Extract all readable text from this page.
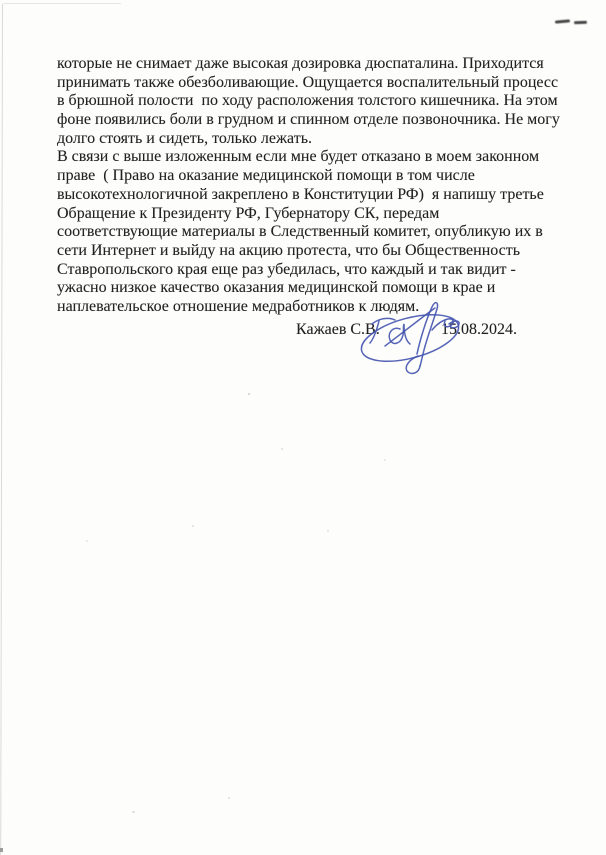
которые не снимает даже высокая дозировка дюспаталина. Приходится
принимать также обезболивающие. Ощущается воспалительный процесс
в брюшной полости  по ходу расположения толстого кишечника. На этом
фоне появились боли в грудном и спинном отделе позвоночника. Не могу
долго стоять и сидеть, только лежать.
В связи с выше изложенным если мне будет отказано в моем законном
праве  ( Право на оказание медицинской помощи в том числе
высокотехнологичной закреплено в Конституции РФ)  я напишу третье
Обращение к Президенту РФ, Губернатору СК, передам
соответствующие материалы в Следственный комитет, опубликую их в
сети Интернет и выйду на акцию протеста, что бы Общественность
Ставропольского края еще раз убедилась, что каждый и так видит -
ужасно низкое качество оказания медицинской помощи в крае и
наплевательское отношение медработников к людям.
Кажаев С.В.	15.08.2024.
